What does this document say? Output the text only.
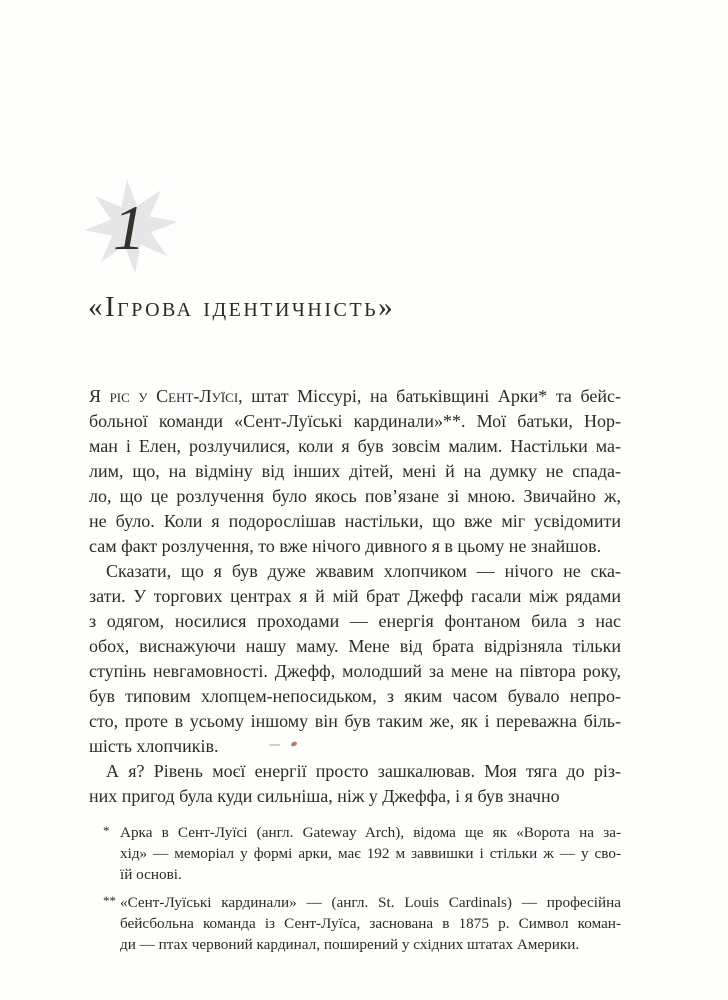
1
«Ігрова ідентичність»
Я ріс у Сент-Луїсі, штат Міссурі, на батьківщині Арки* та бейс-
больної команди «Сент-Луїські кардинали»**. Мої батьки, Нор-
ман і Елен, розлучилися, коли я був зовсім малим. Настільки ма-
лим, що, на відміну від інших дітей, мені й на думку не спада-
ло, що це розлучення було якось пов’язане зі мною. Звичайно ж,
не було. Коли я подорослішав настільки, що вже міг усвідомити
сам факт розлучення, то вже нічого дивного я в цьому не знайшов.
Сказати, що я був дуже жвавим хлопчиком — нічого не ска-
зати. У торгових центрах я й мій брат Джефф гасали між рядами
з одягом, носилися проходами — енергія фонтаном била з нас
обох, виснажуючи нашу маму. Мене від брата відрізняла тільки
ступінь невгамовності. Джефф, молодший за мене на півтора року,
був типовим хлопцем-непосидьком, з яким часом бувало непро-
сто, проте в усьому іншому він був таким же, як і переважна біль-
шість хлопчиків.
А я? Рівень моєї енергії просто зашкалював. Моя тяга до різ-
них пригод була куди сильніша, ніж у Джеффа, і я був значно
* Арка в Сент-Луїсі (англ. Gateway Arch), відома ще як «Ворота на за-
хід» — меморіал у формі арки, має 192 м заввишки і стільки ж — у сво-
їй основі.
** «Сент-Луїські кардинали» — (англ. St. Louis Cardinals) — професійна
бейсбольна команда із Сент-Луїса, заснована в 1875 р. Символ коман-
ди — птах червоний кардинал, поширений у східних штатах Америки.
